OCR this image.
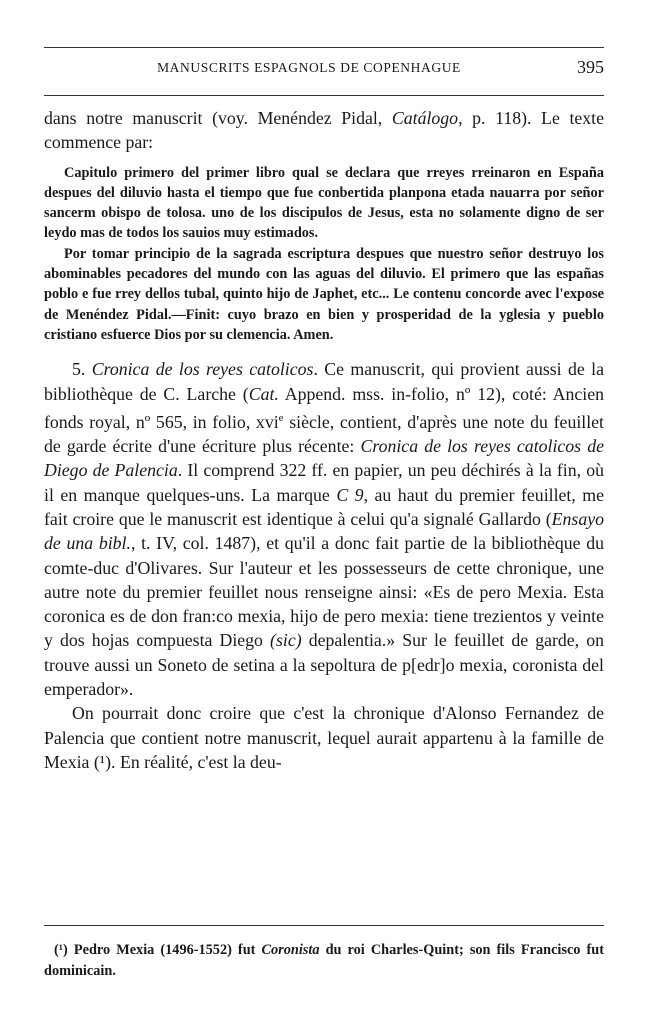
MANUSCRITS ESPAGNOLS DE COPENHAGUE	395

dans notre manuscrit (voy. Menéndez Pidal, Catálogo, p. 118). Le texte commence par:

Capitulo primero del primer libro qual se declara que rreyes rreinaron en España despues del diluvio hasta el tiempo que fue conbertida planpona etada nauarra por señor sancerm obispo de tolosa. uno de los discipulos de Jesus, esta no solamente digno de ser leydo mas de todos los sauios muy estimados.

Por tomar principio de la sagrada escriptura despues que nuestro señor destruyo los abominables pecadores del mundo con las aguas del diluvio. El primero que las españas poblo e fue rrey dellos tubal, quinto hijo de Japhet, etc... Le contenu concorde avec l'expose de Menéndez Pidal.—Finit: cuyo brazo en bien y prosperidad de la yglesia y pueblo cristiano esfuerce Dios por su clemencia. Amen.

5. Cronica de los reyes catolicos. Ce manuscrit, qui provient aussi de la bibliothèque de C. Larche (Cat. Append. mss. in-folio, nº 12), coté: Ancien fonds royal, nº 565, in folio, xvi$^e$ siècle, contient, d'après une note du feuillet de garde écrite d'une écriture plus récente: Cronica de los reyes catolicos de Diego de Palencia. Il comprend 322 ff. en papier, un peu déchirés à la fin, où il en manque quelques-uns. La marque C 9, au haut du premier feuillet, me fait croire que le manuscrit est identique à celui qu'a signalé Gallardo (Ensayo de una bibl., t. IV, col. 1487), et qu'il a donc fait partie de la bibliothèque du comte-duc d'Olivares. Sur l'auteur et les possesseurs de cette chronique, une autre note du premier feuillet nous renseigne ainsi: «Es de pero Mexia. Esta coronica es de don fran:co mexia, hijo de pero mexia: tiene trezientos y veinte y dos hojas compuesta Diego (sic) depalentia.» Sur le feuillet de garde, on trouve aussi un Soneto de setina a la sepoltura de p[edr]o mexia, coronista del emperador».

On pourrait donc croire que c'est la chronique d'Alonso Fernandez de Palencia que contient notre manuscrit, lequel aurait appartenu à la famille de Mexia (¹). En réalité, c'est la deu-

(¹) Pedro Mexia (1496-1552) fut Coronista du roi Charles-Quint; son fils Francisco fut dominicain.
